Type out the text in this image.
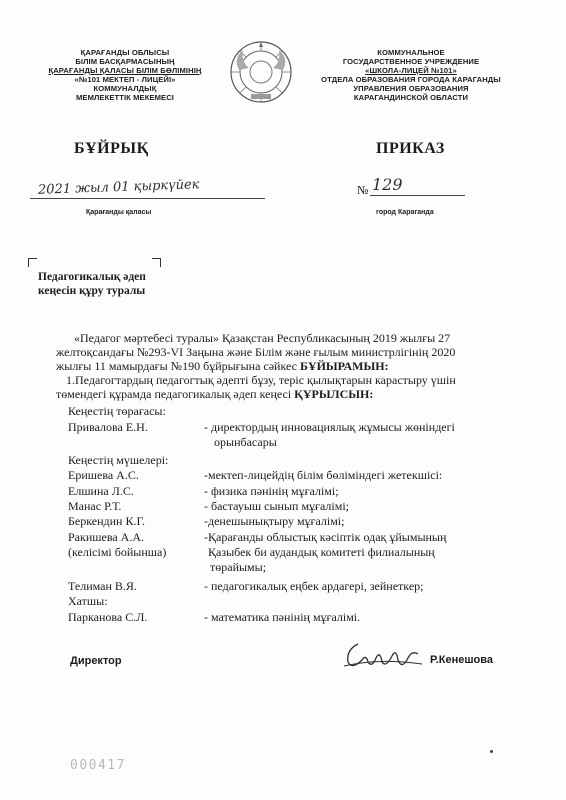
ҚАРАҒАНДЫ ОБЛЫСЫ
БІЛІМ БАСҚАРМАСЫНЫҢ
ҚАРАҒАНДЫ ҚАЛАСЫ БІЛІМ БӨЛІМІНІҢ
«№101 МЕКТЕП - ЛИЦЕЙІ»
КОММУНАЛДЫҚ
МЕМЛЕКЕТТІК МЕКЕМЕСІ
КОММУНАЛЬНОЕ
ГОСУДАРСТВЕННОЕ УЧРЕЖДЕНИЕ
«ШКОЛА-ЛИЦЕЙ №101»
ОТДЕЛА ОБРАЗОВАНИЯ ГОРОДА КАРАГАНДЫ
УПРАВЛЕНИЯ ОБРАЗОВАНИЯ
КАРАГАНДИНСКОЙ ОБЛАСТИ
БҰЙРЫҚ	ПРИКАЗ
2021 жыл 01 қыркүйек
Қарағанды қаласы
№ 129
город Караганда
Педагогикалық әдеп
кеңесін құру туралы
«Педагог мәртебесі туралы» Қазақстан Республикасының 2019 жылғы 27
желтоқсандағы №293-VI Заңына және Білім және ғылым министрлігінің 2020
жылғы 11 мамырдағы №190 бұйрығына сәйкес БҰЙЫРАМЫН:
1.Педагогтардың педагогтық әдепті бұзу, теріс қылықтарын карастыру үшін
төмендегі құрамда педагогикалық әдеп кеңесі ҚҰРЫЛСЫН:
Кеңестің төрағасы:
Привалова Е.Н.	- директордың инновациялық жұмысы жөніндегі
орынбасары
Кеңестің мүшелері:
Еришева А.С.	-мектеп-лицейдің білім бөліміндегі жетекшісі:
Елшина Л.С.	- физика пәнінің мұғалімі;
Манас Р.Т.	- бастауыш сынып мұғалімі;
Беркендин К.Г.	-денешынықтыру мұғалімі;
Ракишева А.А.	-Қарағанды облыстық кәсіптік одақ ұйымының
(келісімі бойынша)	Қазыбек би аудандық комитеті филиалының
төрайымы;
Телиман В.Я.	- педагогикалық еңбек ардагері, зейнеткер;
Хатшы:
Парканова С.Л.	- математика пәнінің мұғалімі.
Директор	Р.Кенешова
000417
